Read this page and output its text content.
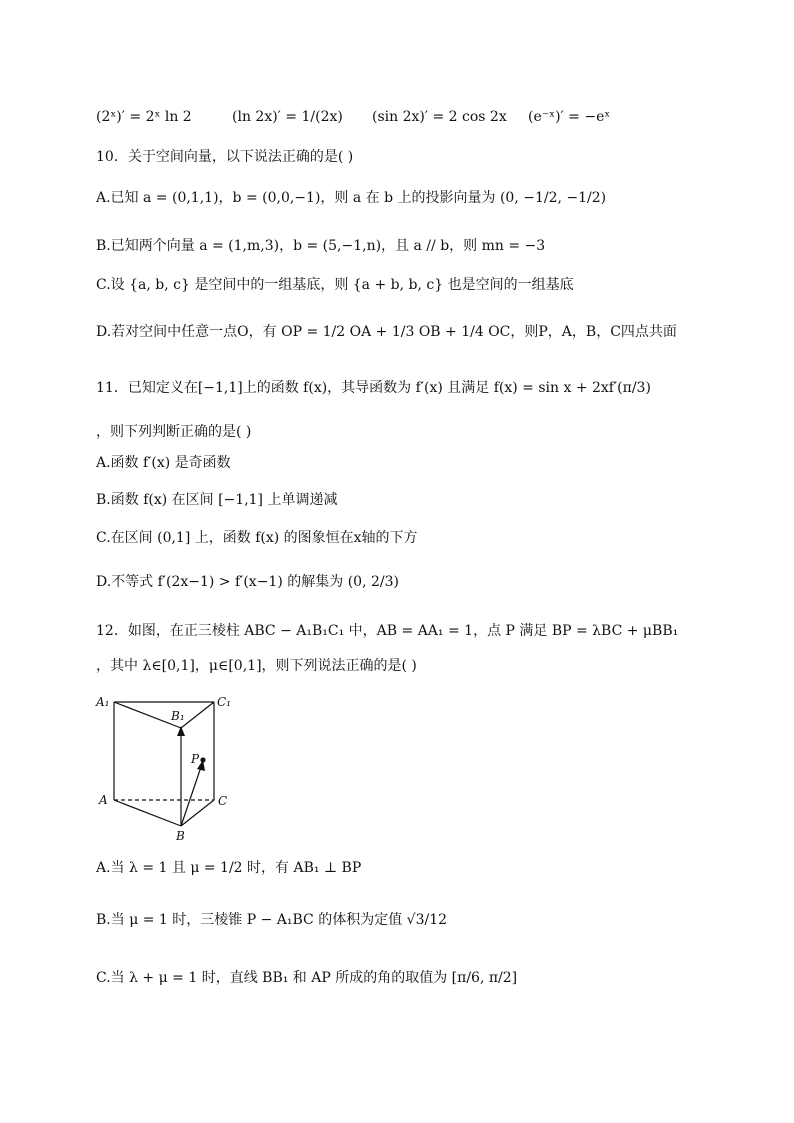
(2ˣ)′ = 2ˣ ln 2	(ln 2x)′ = 1/(2x) (sin 2x)′ = 2 cos 2x (e⁻ˣ)′ = −eˣ
10．关于空间向量，以下说法正确的是( )
A.已知 a = (0,1,1)，b = (0,0,−1)，则 a 在 b 上的投影向量为 (0, −1/2, −1/2)
B.已知两个向量 a = (1,m,3)，b = (5,−1,n)，且 a // b，则 mn = −3
C.设 {a, b, c} 是空间中的一组基底，则 {a + b, b, c} 也是空间的一组基底
D.若对空间中任意一点O，有 OP = 1/2 OA + 1/3 OB + 1/4 OC，则P，A，B，C四点共面
11．已知定义在[−1,1]上的函数 f(x)，其导函数为 f′(x) 且满足 f(x) = sin x + 2xf′(π/3)
，则下列判断正确的是( )
A.函数 f′(x) 是奇函数
B.函数 f(x) 在区间 [−1,1] 上单调递减
C.在区间 (0,1] 上，函数 f(x) 的图象恒在x轴的下方
D.不等式 f′(2x−1) > f′(x−1) 的解集为 (0, 2/3)
12．如图，在正三棱柱 ABC − A₁B₁C₁ 中，AB = AA₁ = 1，点 P 满足 BP = λBC + μBB₁
，其中 λ∈[0,1]，μ∈[0,1]，则下列说法正确的是( )
A₁
B₁
C₁
P
A	C
B
A.当 λ = 1 且 μ = 1/2 时，有 AB₁ ⊥ BP
B.当 μ = 1 时，三棱锥 P − A₁BC 的体积为定值 √3/12
C.当 λ + μ = 1 时，直线 BB₁ 和 AP 所成的角的取值为 [π/6, π/2]
